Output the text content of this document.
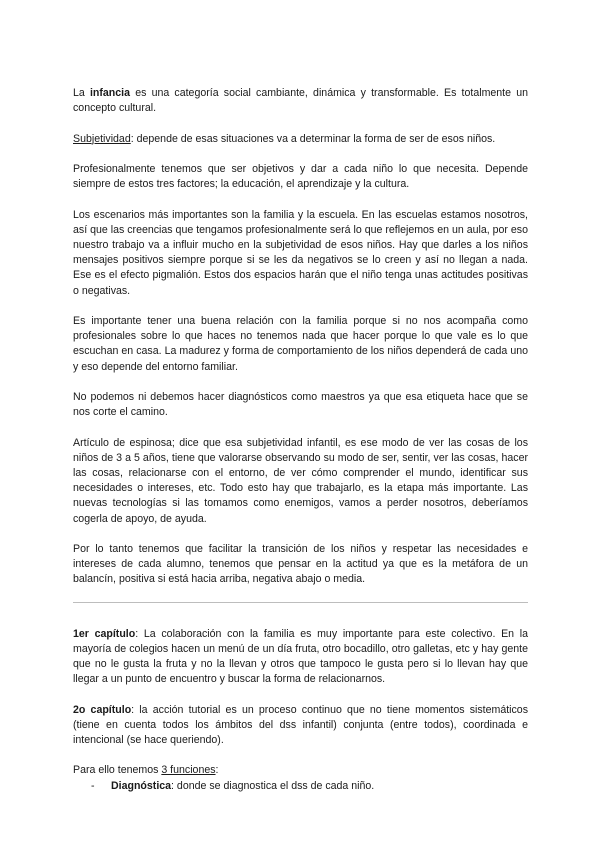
La infancia es una categoría social cambiante, dinámica y transformable. Es totalmente un concepto cultural.

Subjetividad: depende de esas situaciones va a determinar la forma de ser de esos niños.

Profesionalmente tenemos que ser objetivos y dar a cada niño lo que necesita. Depende siempre de estos tres factores; la educación, el aprendizaje y la cultura.

Los escenarios más importantes son la familia y la escuela. En las escuelas estamos nosotros, así que las creencias que tengamos profesionalmente será lo que reflejemos en un aula, por eso nuestro trabajo va a influir mucho en la subjetividad de esos niños. Hay que darles a los niños mensajes positivos siempre porque si se les da negativos se lo creen y así no llegan a nada. Ese es el efecto pigmalión. Estos dos espacios harán que el niño tenga unas actitudes positivas o negativas.

Es importante tener una buena relación con la familia porque si no nos acompaña como profesionales sobre lo que haces no tenemos nada que hacer porque lo que vale es lo que escuchan en casa. La madurez y forma de comportamiento de los niños dependerá de cada uno y eso depende del entorno familiar.

No podemos ni debemos hacer diagnósticos como maestros ya que esa etiqueta hace que se nos corte el camino.

Artículo de espinosa; dice que esa subjetividad infantil, es ese modo de ver las cosas de los niños de 3 a 5 años, tiene que valorarse observando su modo de ser, sentir, ver las cosas, hacer las cosas, relacionarse con el entorno, de ver cómo comprender el mundo, identificar sus necesidades o intereses, etc. Todo esto hay que trabajarlo, es la etapa más importante. Las nuevas tecnologías si las tomamos como enemigos, vamos a perder nosotros, deberíamos cogerla de apoyo, de ayuda.

Por lo tanto tenemos que facilitar la transición de los niños y respetar las necesidades e intereses de cada alumno, tenemos que pensar en la actitud ya que es la metáfora de un balancín, positiva si está hacia arriba, negativa abajo o media.

1er capítulo: La colaboración con la familia es muy importante para este colectivo. En la mayoría de colegios hacen un menú de un día fruta, otro bocadillo, otro galletas, etc y hay gente que no le gusta la fruta y no la llevan y otros que tampoco le gusta pero si lo llevan hay que llegar a un punto de encuentro y buscar la forma de relacionarnos.

2o capítulo: la acción tutorial es un proceso continuo que no tiene momentos sistemáticos (tiene en cuenta todos los ámbitos del dss infantil) conjunta (entre todos), coordinada e intencional (se hace queriendo).

Para ello tenemos 3 funciones:

- Diagnóstica: donde se diagnostica el dss de cada niño.
